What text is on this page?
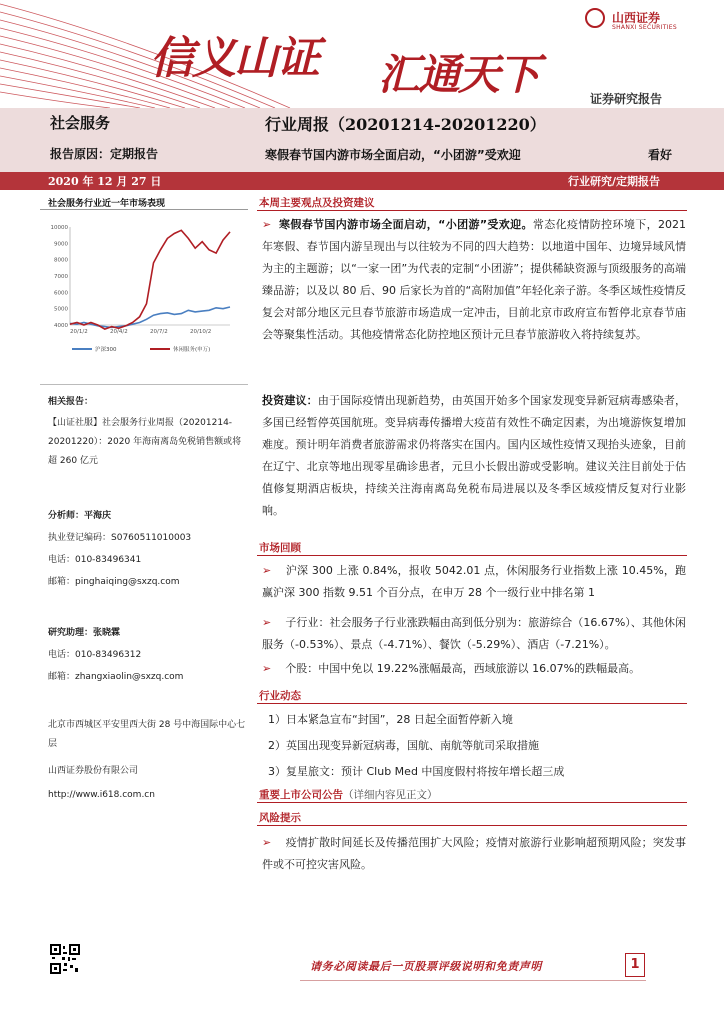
信义山证 汇通天下
山西证券
SHANXI SECURITIES
证券研究报告
社会服务
报告原因：定期报告
行业周报（20201214-20201220）
寒假春节国内游市场全面启动，“小团游”受欢迎	看好
2020 年 12 月 27 日	行业研究/定期报告
社会服务行业近一年市场表现
4000
5000
6000
7000
8000
9000
10000
20/1/2	20/4/2	20/7/2	20/10/2
沪深300	休闲服务(申万)
相关报告：
【山证社服】社会服务行业周报（20201214-20201220）：2020 年海南离岛免税销售额或将超 260 亿元
分析师：平海庆
执业登记编码：S0760511010003
电话：010-83496341
邮箱：pinghaiqing@sxzq.com
研究助理：张晓霖
电话：010-83496312
邮箱：zhangxiaolin@sxzq.com
北京市西城区平安里西大街 28 号中海国际中心七层
山西证券股份有限公司
http://www.i618.com.cn
本周主要观点及投资建议
➢ 寒假春节国内游市场全面启动，“小团游”受欢迎。常态化疫情防控环境下，2021 年寒假、春节国内游呈现出与以往较为不同的四大趋势：以地道中国年、边境异域风情为主的主题游；以“一家一团”为代表的定制“小团游”；提供稀缺资源与顶级服务的高端臻品游；以及以 80 后、90 后家长为首的“高附加值”年轻化亲子游。冬季区域性疫情反复会对部分地区元旦春节旅游市场造成一定冲击，目前北京市政府宣布暂停北京春节庙会等聚集性活动。其他疫情常态化防控地区预计元旦春节旅游收入将持续复苏。
投资建议：由于国际疫情出现新趋势，由英国开始多个国家发现变异新冠病毒感染者，多国已经暂停英国航班。变异病毒传播增大疫苗有效性不确定因素，为出境游恢复增加难度。预计明年消费者旅游需求仍将落实在国内。国内区域性疫情又现抬头迹象，目前在辽宁、北京等地出现零星确诊患者，元旦小长假出游或受影响。建议关注目前处于估值修复期酒店板块，持续关注海南离岛免税布局进展以及冬季区域疫情反复对行业影响。
市场回顾
➢ 沪深 300 上涨 0.84%，报收 5042.01 点，休闲服务行业指数上涨 10.45%，跑赢沪深 300 指数 9.51 个百分点，在申万 28 个一级行业中排名第 1
➢ 子行业：社会服务子行业涨跌幅由高到低分别为：旅游综合（16.67%）、其他休闲服务（-0.53%）、景点（-4.71%）、餐饮（-5.29%）、酒店（-7.21%）。
➢ 个股：中国中免以 19.22%涨幅最高，西域旅游以 16.07%的跌幅最高。
行业动态
1）日本紧急宣布“封国”，28 日起全面暂停新入境
2）英国出现变异新冠病毒，国航、南航等航司采取措施
3）复星旅文：预计 Club Med 中国度假村将按年增长超三成
重要上市公司公告（详细内容见正文）
风险提示
➢ 疫情扩散时间延长及传播范围扩大风险；疫情对旅游行业影响超预期风险；突发事件或不可控灾害风险。
请务必阅读最后一页股票评级说明和免责声明	1
